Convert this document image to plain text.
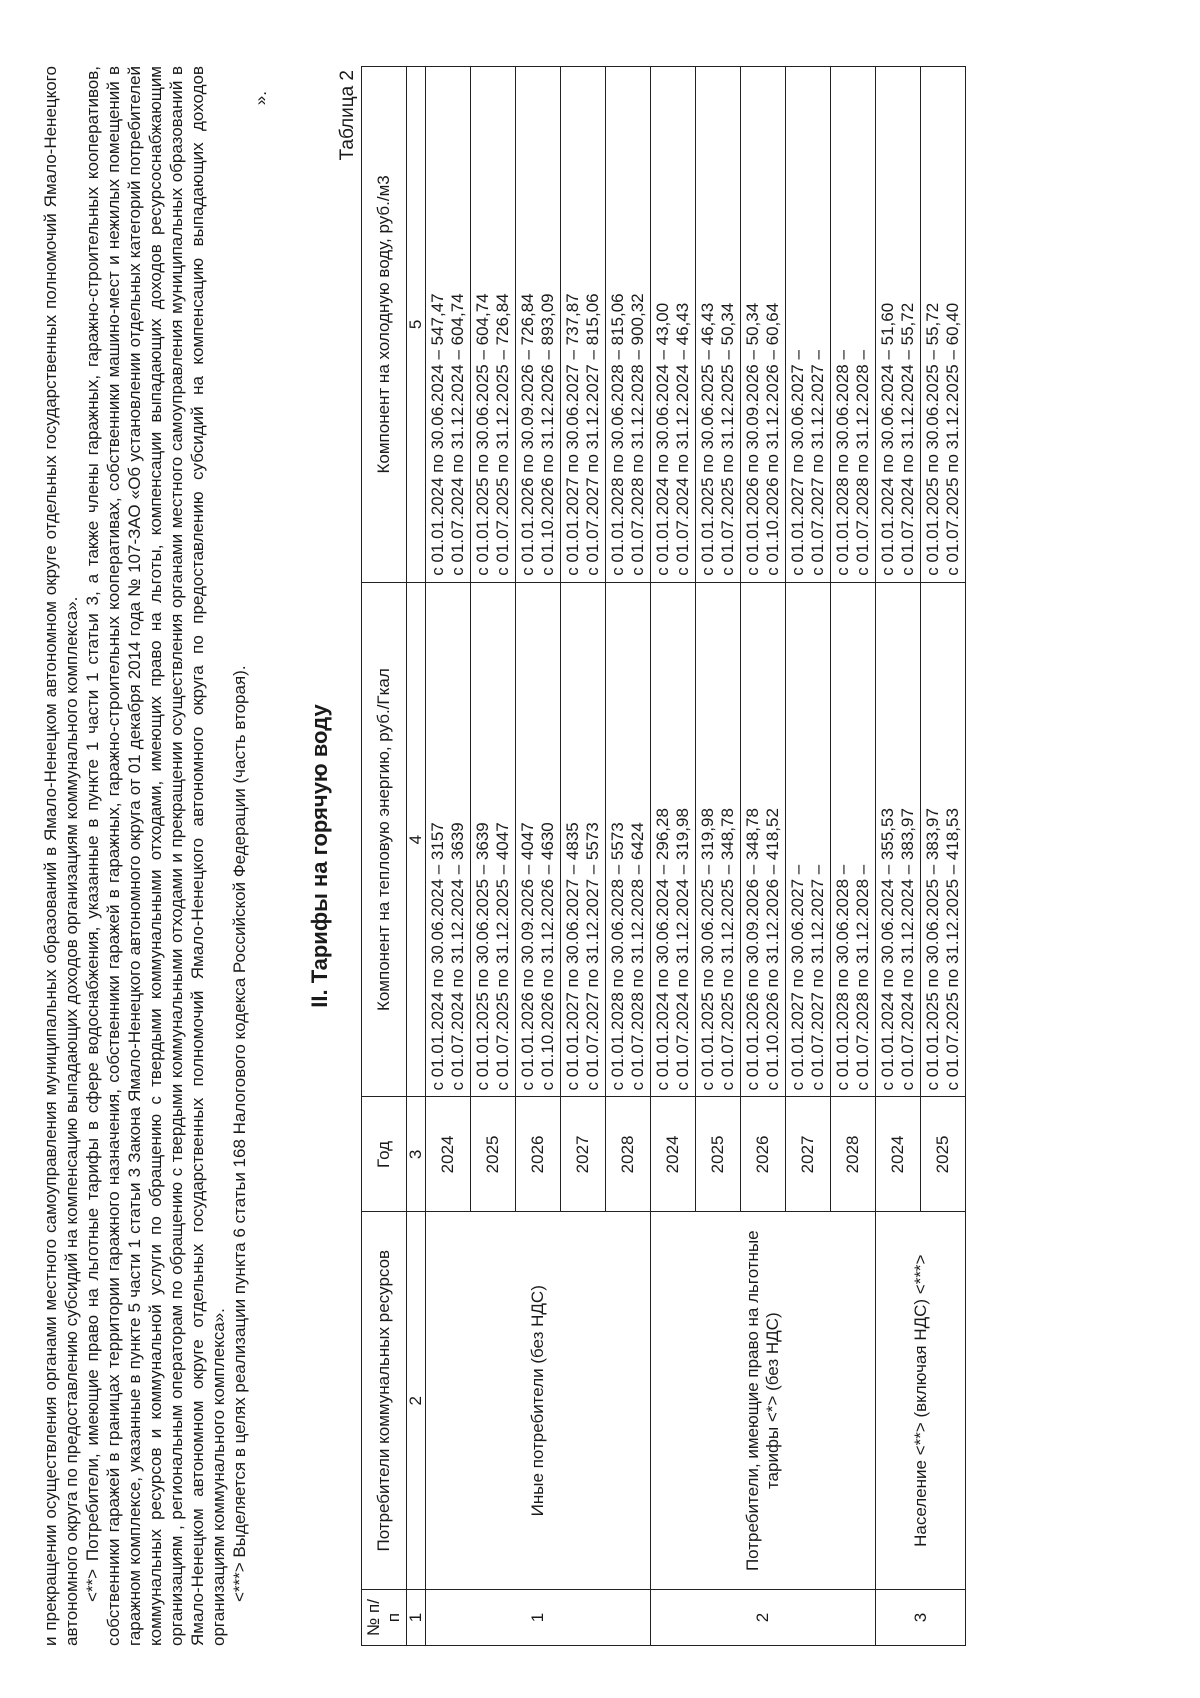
и прекращении осуществления органами местного самоуправления муниципальных образований в Ямало-Ненецком автономном округе отдельных государственных полномочий Ямало-Ненецкого автономного округа по предоставлению субсидий на компенсацию выпадающих доходов организациям коммунального комплекса». <**> Потребители, имеющие право на льготные тарифы в сфере водоснабжения, указанные в пункте 1 части 1 статьи 3, а также члены гаражных, гаражно-строительных кооперативов, собственники гаражей в границах территории гаражного назначения, собственники гаражей в гаражных, гаражно-строительных кооперативах, собственники машино-мест и нежилых помещений в гаражном комплексе, указанные в пункте 5 части 1 статьи 3 Закона Ямало-Ненецкого автономного округа от 01 декабря 2014 года № 107-ЗАО «Об установлении отдельных категорий потребителей коммунальных ресурсов и коммунальной услуги по обращению с твердыми коммунальными отходами, имеющих право на льготы, компенсации выпадающих доходов ресурсоснабжающим организациям , региональным операторам по обращению с твердыми коммунальными отходами и прекращении осуществления органами местного самоуправления муниципальных образований в Ямало-Ненецком автономном округе отдельных государственных полномочий Ямало-Ненецкого автономного округа по предоставлению субсидий на компенсацию выпадающих доходов организациям коммунального комплекса». <***> Выделяется в целях реализации пункта 6 статьи 168 Налогового кодекса Российской Федерации (часть вторая).

».

II. Тарифы на горячую воду
Таблица 2
№ п/п	Потребители коммунальных ресурсов	Год	Компонент на тепловую энергию, руб./Гкал	Компонент на холодную воду, руб./м3
1	2	3	4	5
1	Иные потребители (без НДС)	2024	с 01.01.2024 по 30.06.2024 – 3157 с 01.07.2024 по 31.12.2024 – 3639	с 01.01.2024 по 30.06.2024 – 547,47 с 01.07.2024 по 31.12.2024 – 604,74

		2025	с 01.01.2025 по 30.06.2025 – 3639 с 01.07.2025 по 31.12.2025 – 4047	с 01.01.2025 по 30.06.2025 – 604,74 с 01.07.2025 по 31.12.2025 – 726,84

		2026	с 01.01.2026 по 30.09.2026 – 4047 с 01.10.2026 по 31.12.2026 – 4630	с 01.01.2026 по 30.09.2026 – 726,84 с 01.10.2026 по 31.12.2026 – 893,09

		2027	с 01.01.2027 по 30.06.2027 – 4835 с 01.07.2027 по 31.12.2027 – 5573	с 01.01.2027 по 30.06.2027 – 737,87 с 01.07.2027 по 31.12.2027 – 815,06

		2028	с 01.01.2028 по 30.06.2028 – 5573 с 01.07.2028 по 31.12.2028 – 6424	с 01.01.2028 по 30.06.2028 – 815,06 с 01.07.2028 по 31.12.2028 – 900,32

2	Потребители, имеющие право на льготные тарифы <*> (без НДС)	2024	с 01.01.2024 по 30.06.2024 – 296,28 с 01.07.2024 по 31.12.2024 – 319,98	с 01.01.2024 по 30.06.2024 – 43,00 с 01.07.2024 по 31.12.2024 – 46,43

		2025	с 01.01.2025 по 30.06.2025 – 319,98 с 01.07.2025 по 31.12.2025 – 348,78	с 01.01.2025 по 30.06.2025 – 46,43 с 01.07.2025 по 31.12.2025 – 50,34

		2026	с 01.01.2026 по 30.09.2026 – 348,78 с 01.10.2026 по 31.12.2026 – 418,52	с 01.01.2026 по 30.09.2026 – 50,34 с 01.10.2026 по 31.12.2026 – 60,64

		2027	с 01.01.2027 по 30.06.2027 – с 01.07.2027 по 31.12.2027 –	с 01.01.2027 по 30.06.2027 – с 01.07.2027 по 31.12.2027 –

		2028	с 01.01.2028 по 30.06.2028 – с 01.07.2028 по 31.12.2028 –	с 01.01.2028 по 30.06.2028 – с 01.07.2028 по 31.12.2028 –

3	Население <**> (включая НДС) <***>	2024	с 01.01.2024 по 30.06.2024 – 355,53 с 01.07.2024 по 31.12.2024 – 383,97	с 01.01.2024 по 30.06.2024 – 51,60 с 01.07.2024 по 31.12.2024 – 55,72

		2025	с 01.01.2025 по 30.06.2025 – 383,97 с 01.07.2025 по 31.12.2025 – 418,53	с 01.01.2025 по 30.06.2025 – 55,72 с 01.07.2025 по 31.12.2025 – 60,40
